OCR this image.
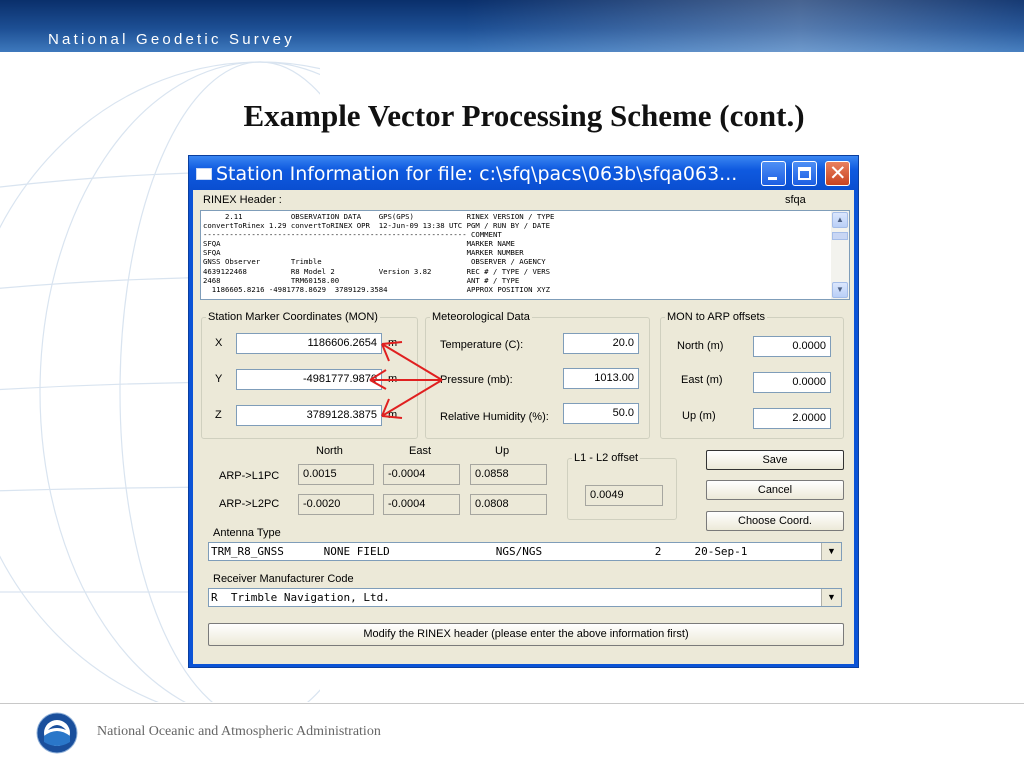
National Geodetic Survey
Example Vector Processing Scheme (cont.)
Station Information for file: c:\sfq\pacs\063b\sfqa063...	✕
RINEX Header :	sfqa
2.11           OBSERVATION DATA    GPS(GPS)            RINEX VERSION / TYPE
convertToRinex 1.29 convertToRINEX OPR  12-Jun-09 13:38 UTC PGM / RUN BY / DATE
------------------------------------------------------------ COMMENT
SFQA                                                        MARKER NAME
SFQA                                                        MARKER NUMBER
GNSS Observer       Trimble                                  OBSERVER / AGENCY
4639122468          R8 Model 2          Version 3.82        REC # / TYPE / VERS
2468                TRM60158.00                             ANT # / TYPE
1186605.8216 -4981778.8629  3789129.3584                  APPROX POSITION XYZ
▲
▼
Station Marker Coordinates (MON)
X	1186606.2654	m
Y	-4981777.9870	m
Z	3789128.3875	m
Meteorological Data
Temperature (C):	20.0
Pressure (mb):	1013.00
Relative Humidity (%):	50.0
MON to ARP offsets
North (m)	0.0000
East (m)	0.0000
Up (m)	2.0000
North	East	Up
ARP->L1PC	0.0015	-0.0004	0.0858
ARP->L2PC	-0.0020	-0.0004	0.0808
L1 - L2 offset
0.0049
Save
Cancel
Choose Coord.
Antenna Type
TRM_R8_GNSS      NONE FIELD                NGS/NGS                 2     20-Sep-1	▼
Receiver Manufacturer Code
R  Trimble Navigation, Ltd.	▼
Modify the RINEX header (please enter the above information first)
National Oceanic and Atmospheric Administration
